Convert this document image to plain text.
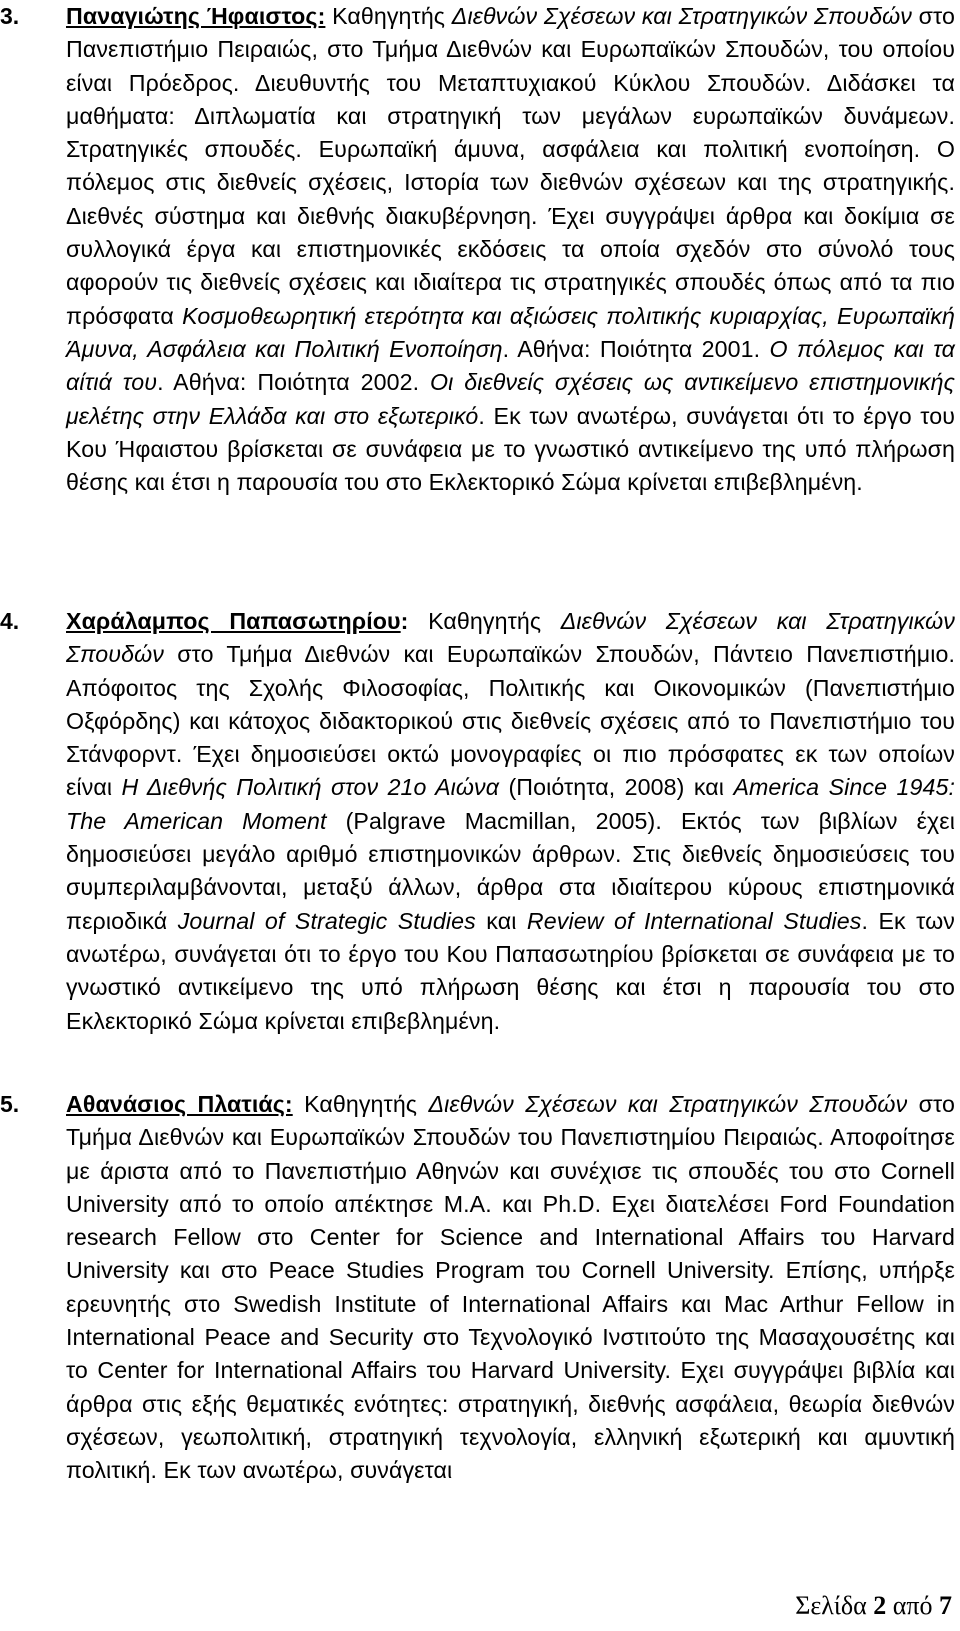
3. Παναγιώτης Ήφαιστος: Καθηγητής Διεθνών Σχέσεων και Στρατηγικών Σπουδών στο Πανεπιστήμιο Πειραιώς, στο Τμήμα Διεθνών και Ευρωπαϊκών Σπουδών, του οποίου είναι Πρόεδρος. Διευθυντής του Μεταπτυχιακού Κύκλου Σπουδών. Διδάσκει τα μαθήματα: Διπλωματία και στρατηγική των μεγάλων ευρωπαϊκών δυνάμεων. Στρατηγικές σπουδές. Ευρωπαϊκή άμυνα, ασφάλεια και πολιτική ενοποίηση. Ο πόλεμος στις διεθνείς σχέσεις, Ιστορία των διεθνών σχέσεων και της στρατηγικής. Διεθνές σύστημα και διεθνής διακυβέρνηση. Έχει συγγράψει άρθρα και δοκίμια σε συλλογικά έργα και επιστημονικές εκδόσεις τα οποία σχεδόν στο σύνολό τους αφορούν τις διεθνείς σχέσεις και ιδιαίτερα τις στρατηγικές σπουδές όπως από τα πιο πρόσφατα Κοσμοθεωρητική ετερότητα και αξιώσεις πολιτικής κυριαρχίας, Ευρωπαϊκή Άμυνα, Ασφάλεια και Πολιτική Ενοποίηση. Αθήνα: Ποιότητα 2001. Ο πόλεμος και τα αίτιά του. Αθήνα: Ποιότητα 2002. Οι διεθνείς σχέσεις ως αντικείμενο επιστημονικής μελέτης στην Ελλάδα και στο εξωτερικό. Εκ των ανωτέρω, συνάγεται ότι το έργο του Κου Ήφαιστου βρίσκεται σε συνάφεια με το γνωστικό αντικείμενο της υπό πλήρωση θέσης και έτσι η παρουσία του στο Εκλεκτορικό Σώμα κρίνεται επιβεβλημένη.
4. Χαράλαμπος Παπασωτηρίου: Καθηγητής Διεθνών Σχέσεων και Στρατηγικών Σπουδών στο Τμήμα Διεθνών και Ευρωπαϊκών Σπουδών, Πάντειο Πανεπιστήμιο. Απόφοιτος της Σχολής Φιλοσοφίας, Πολιτικής και Οικονομικών (Πανεπιστήμιο Οξφόρδης) και κάτοχος διδακτορικού στις διεθνείς σχέσεις από το Πανεπιστήμιο του Στάνφορντ. Έχει δημοσιεύσει οκτώ μονογραφίες οι πιο πρόσφατες εκ των οποίων είναι Η Διεθνής Πολιτική στον 21ο Αιώνα (Ποιότητα, 2008) και America Since 1945: The American Moment (Palgrave Macmillan, 2005). Εκτός των βιβλίων έχει δημοσιεύσει μεγάλο αριθμό επιστημονικών άρθρων. Στις διεθνείς δημοσιεύσεις του συμπεριλαμβάνονται, μεταξύ άλλων, άρθρα στα ιδιαίτερου κύρους επιστημονικά περιοδικά Journal of Strategic Studies και Review of International Studies. Εκ των ανωτέρω, συνάγεται ότι το έργο του Κου Παπασωτηρίου βρίσκεται σε συνάφεια με το γνωστικό αντικείμενο της υπό πλήρωση θέσης και έτσι η παρουσία του στο Εκλεκτορικό Σώμα κρίνεται επιβεβλημένη.
5. Αθανάσιος Πλατιάς: Καθηγητής Διεθνών Σχέσεων και Στρατηγικών Σπουδών στο Τμήμα Διεθνών και Ευρωπαϊκών Σπουδών του Πανεπιστημίου Πειραιώς. Αποφοίτησε με άριστα από το Πανεπιστήμιο Αθηνών και συνέχισε τις σπουδές του στο Cornell University από το οποίο απέκτησε Μ.Α. και Ph.D. Εχει διατελέσει Ford Foundation research Fellow στο Center for Science and International Affairs του Harvard University και στο Peace Studies Program του Cornell University. Επίσης, υπήρξε ερευνητής στο Swedish Institute of International Affairs και Mac Arthur Fellow in International Peace and Security στο Τεχνολογικό Ινστιτούτο της Μασαχουσέτης και το Center for International Affairs του Harvard University. Εχει συγγράψει βιβλία και άρθρα στις εξής θεματικές ενότητες: στρατηγική, διεθνής ασφάλεια, θεωρία διεθνών σχέσεων, γεωπολιτική, στρατηγική τεχνολογία, ελληνική εξωτερική και αμυντική πολιτική. Εκ των ανωτέρω, συνάγεται
Σελίδα 2 από 7
